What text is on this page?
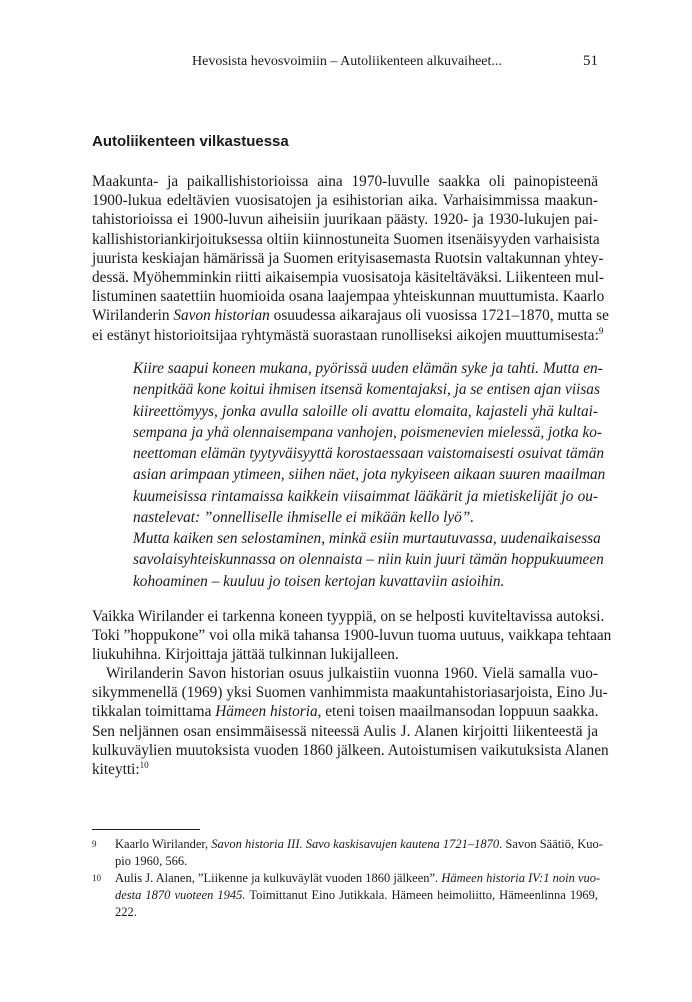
Hevosista hevosvoimiin – Autoliikenteen alkuvaiheet...	51
Autoliikenteen vilkastuessa
Maakunta- ja paikallishistorioissa aina 1970-luvulle saakka oli painopisteenä
1900-lukua edeltävien vuosisatojen ja esihistorian aika. Varhaisimmissa maakun-
tahistorioissa ei 1900-luvun aiheisiin juurikaan päästy. 1920- ja 1930-lukujen pai-
kallishistoriankirjoituksessa oltiin kiinnostuneita Suomen itsenäisyyden varhaisista
juurista keskiajan hämärissä ja Suomen erityisasemasta Ruotsin valtakunnan yhtey-
dessä. Myöhemminkin riitti aikaisempia vuosisatoja käsiteltäväksi. Liikenteen mul-
listuminen saatettiin huomioida osana laajempaa yhteiskunnan muuttumista. Kaarlo
Wirilanderin Savon historian osuudessa aikarajaus oli vuosissa 1721–1870, mutta se
ei estänyt historioitsijaa ryhtymästä suorastaan runolliseksi aikojen muuttumisesta:$^9$
Kiire saapui koneen mukana, pyörissä uuden elämän syke ja tahti. Mutta en-
nenpitkää kone koitui ihmisen itsensä komentajaksi, ja se entisen ajan viisas
kiireettömyys, jonka avulla saloille oli avattu elomaita, kajasteli yhä kultai-
sempana ja yhä olennaisempana vanhojen, poismenevien mielessä, jotka ko-
neettoman elämän tyytyväisyyttä korostaessaan vaistomaisesti osuivat tämän
asian arimpaan ytimeen, siihen näet, jota nykyiseen aikaan suuren maailman
kuumeisissa rintamaissa kaikkein viisaimmat lääkärit ja mietiskelijät jo ou-
nastelevat: ”onnelliselle ihmiselle ei mikään kello lyö”.
Mutta kaiken sen selostaminen, minkä esiin murtautuvassa, uudenaikaisessa
savolaisyhteiskunnassa on olennaista – niin kuin juuri tämän hoppukuumeen
kohoaminen – kuuluu jo toisen kertojan kuvattaviin asioihin.
Vaikka Wirilander ei tarkenna koneen tyyppiä, on se helposti kuviteltavissa autoksi.
Toki ”hoppukone” voi olla mikä tahansa 1900-luvun tuoma uutuus, vaikkapa tehtaan
liukuhihna. Kirjoittaja jättää tulkinnan lukijalleen.
Wirilanderin Savon historian osuus julkaistiin vuonna 1960. Vielä samalla vuo-
sikymmenellä (1969) yksi Suomen vanhimmista maakuntahistoriasarjoista, Eino Ju-
tikkalan toimittama Hämeen historia, eteni toisen maailmansodan loppuun saakka.
Sen neljännen osan ensimmäisessä niteessä Aulis J. Alanen kirjoitti liikenteestä ja
kulkuväylien muutoksista vuoden 1860 jälkeen. Autoistumisen vaikutuksista Alanen
kiteytti:$^{10}$
9 Kaarlo Wirilander, Savon historia III. Savo kaskisavujen kautena 1721–1870. Savon Säätiö, Kuo-
pio 1960, 566.
10 Aulis J. Alanen, ”Liikenne ja kulkuväylät vuoden 1860 jälkeen”. Hämeen historia IV:1 noin vuo-
desta 1870 vuoteen 1945. Toimittanut Eino Jutikkala. Hämeen heimoliitto, Hämeenlinna 1969,
222.
